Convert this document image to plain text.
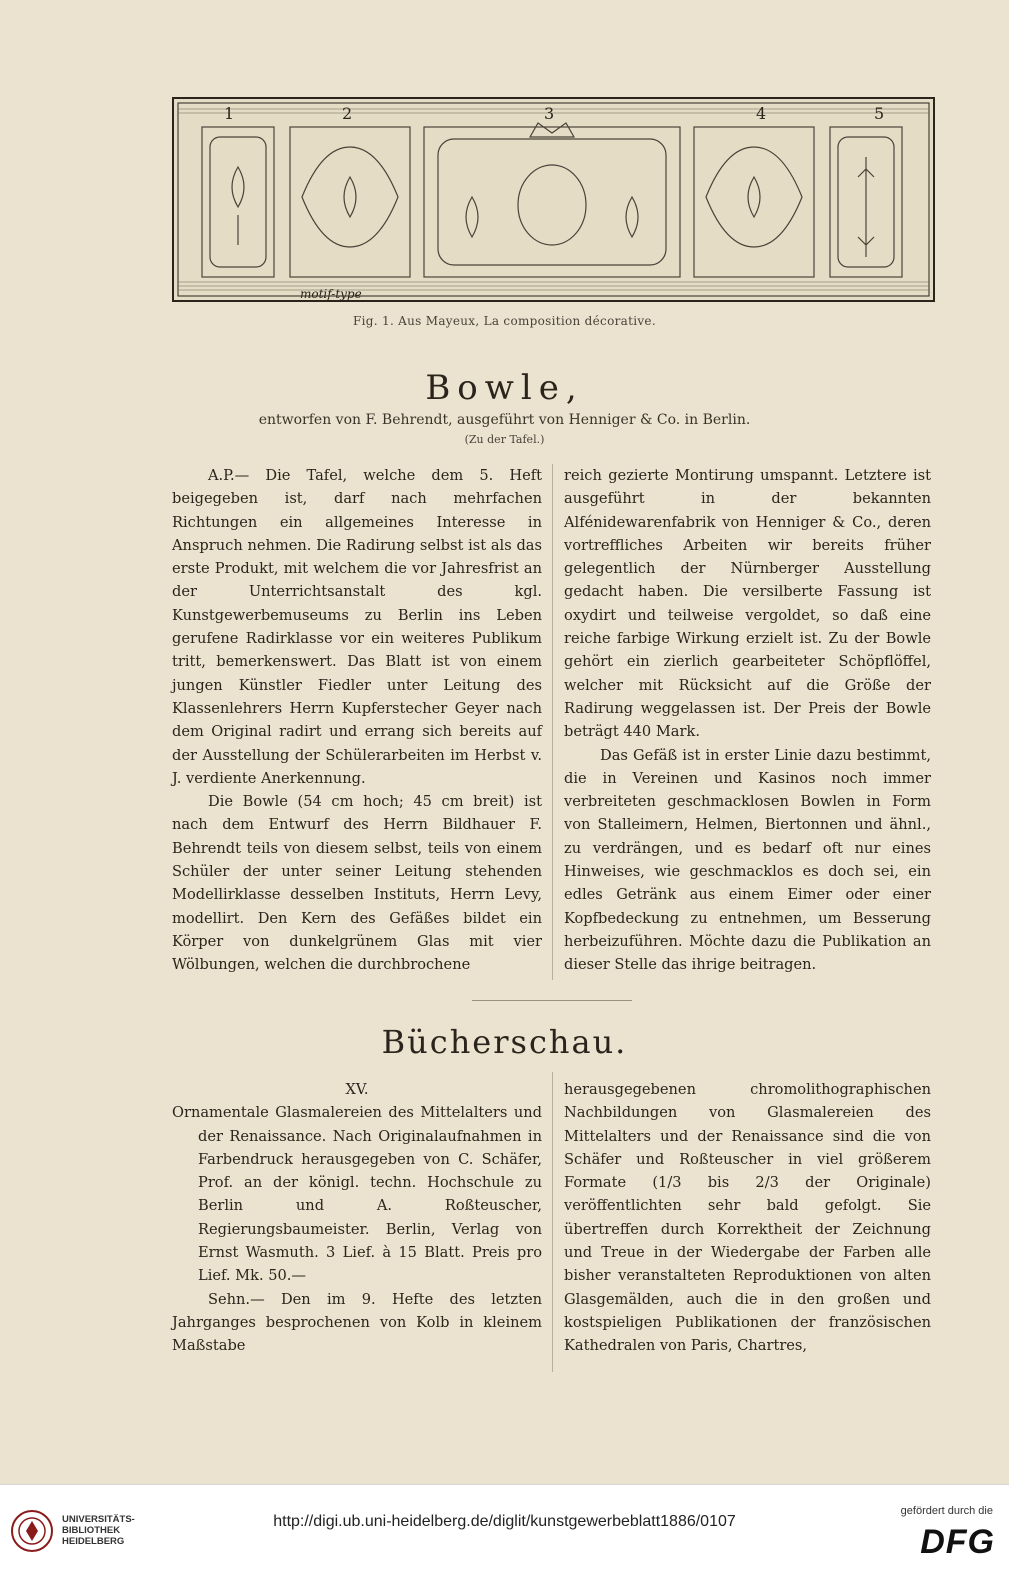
1	2	3	4	5
motif-type
Fig. 1. Aus Mayeux, La composition décorative.
Bowle,
entworfen von F. Behrendt, ausgeführt von Henniger & Co. in Berlin.
(Zu der Tafel.)

A.P.— Die Tafel, welche dem 5. Heft beigegeben ist, darf nach mehrfachen Richtungen ein allgemeines Interesse in Anspruch nehmen. Die Radirung selbst ist als das erste Produkt, mit welchem die vor Jahresfrist an der Unterrichtsanstalt des kgl. Kunstgewerbemuseums zu Berlin ins Leben gerufene Radirklasse vor ein weiteres Publikum tritt, bemerkenswert. Das Blatt ist von einem jungen Künstler Fiedler unter Leitung des Klassenlehrers Herrn Kupferstecher Geyer nach dem Original radirt und errang sich bereits auf der Ausstellung der Schülerarbeiten im Herbst v. J. verdiente Anerkennung.

Die Bowle (54 cm hoch; 45 cm breit) ist nach dem Entwurf des Herrn Bildhauer F. Behrendt teils von diesem selbst, teils von einem Schüler der unter seiner Leitung stehenden Modellirklasse desselben Instituts, Herrn Levy, modellirt. Den Kern des Gefäßes bildet ein Körper von dunkelgrünem Glas mit vier Wölbungen, welchen die durchbrochene

reich gezierte Montirung umspannt. Letztere ist ausgeführt in der bekannten Alfénidewarenfabrik von Henniger & Co., deren vortreffliches Arbeiten wir bereits früher gelegentlich der Nürnberger Ausstellung gedacht haben. Die versilberte Fassung ist oxydirt und teilweise vergoldet, so daß eine reiche farbige Wirkung erzielt ist. Zu der Bowle gehört ein zierlich gearbeiteter Schöpflöffel, welcher mit Rücksicht auf die Größe der Radirung weggelassen ist. Der Preis der Bowle beträgt 440 Mark.

Das Gefäß ist in erster Linie dazu bestimmt, die in Vereinen und Kasinos noch immer verbreiteten geschmacklosen Bowlen in Form von Stalleimern, Helmen, Biertonnen und ähnl., zu verdrängen, und es bedarf oft nur eines Hinweises, wie geschmacklos es doch sei, ein edles Getränk aus einem Eimer oder einer Kopfbedeckung zu entnehmen, um Besserung herbeizuführen. Möchte dazu die Publikation an dieser Stelle das ihrige beitragen.

Bücherschau.

XV.

Ornamentale Glasmalereien des Mittelalters und der Renaissance. Nach Originalaufnahmen in Farbendruck herausgegeben von C. Schäfer, Prof. an der königl. techn. Hochschule zu Berlin und A. Roßteuscher, Regierungsbaumeister. Berlin, Verlag von Ernst Wasmuth. 3 Lief. à 15 Blatt. Preis pro Lief. Mk. 50.—

Sehn.— Den im 9. Hefte des letzten Jahrganges besprochenen von Kolb in kleinem Maßstabe

herausgegebenen chromolithographischen Nachbildungen von Glasmalereien des Mittelalters und der Renaissance sind die von Schäfer und Roßteuscher in viel größerem Formate (1/3 bis 2/3 der Originale) veröffentlichten sehr bald gefolgt. Sie übertreffen durch Korrektheit der Zeichnung und Treue in der Wiedergabe der Farben alle bisher veranstalteten Reproduktionen von alten Glasgemälden, auch die in den großen und kostspieligen Publikationen der französischen Kathedralen von Paris, Chartres,

UNIVERSITÄTS-
BIBLIOTHEK
HEIDELBERG
http://digi.ub.uni-heidelberg.de/diglit/kunstgewerbeblatt1886/0107
gefördert durch die
DFG
